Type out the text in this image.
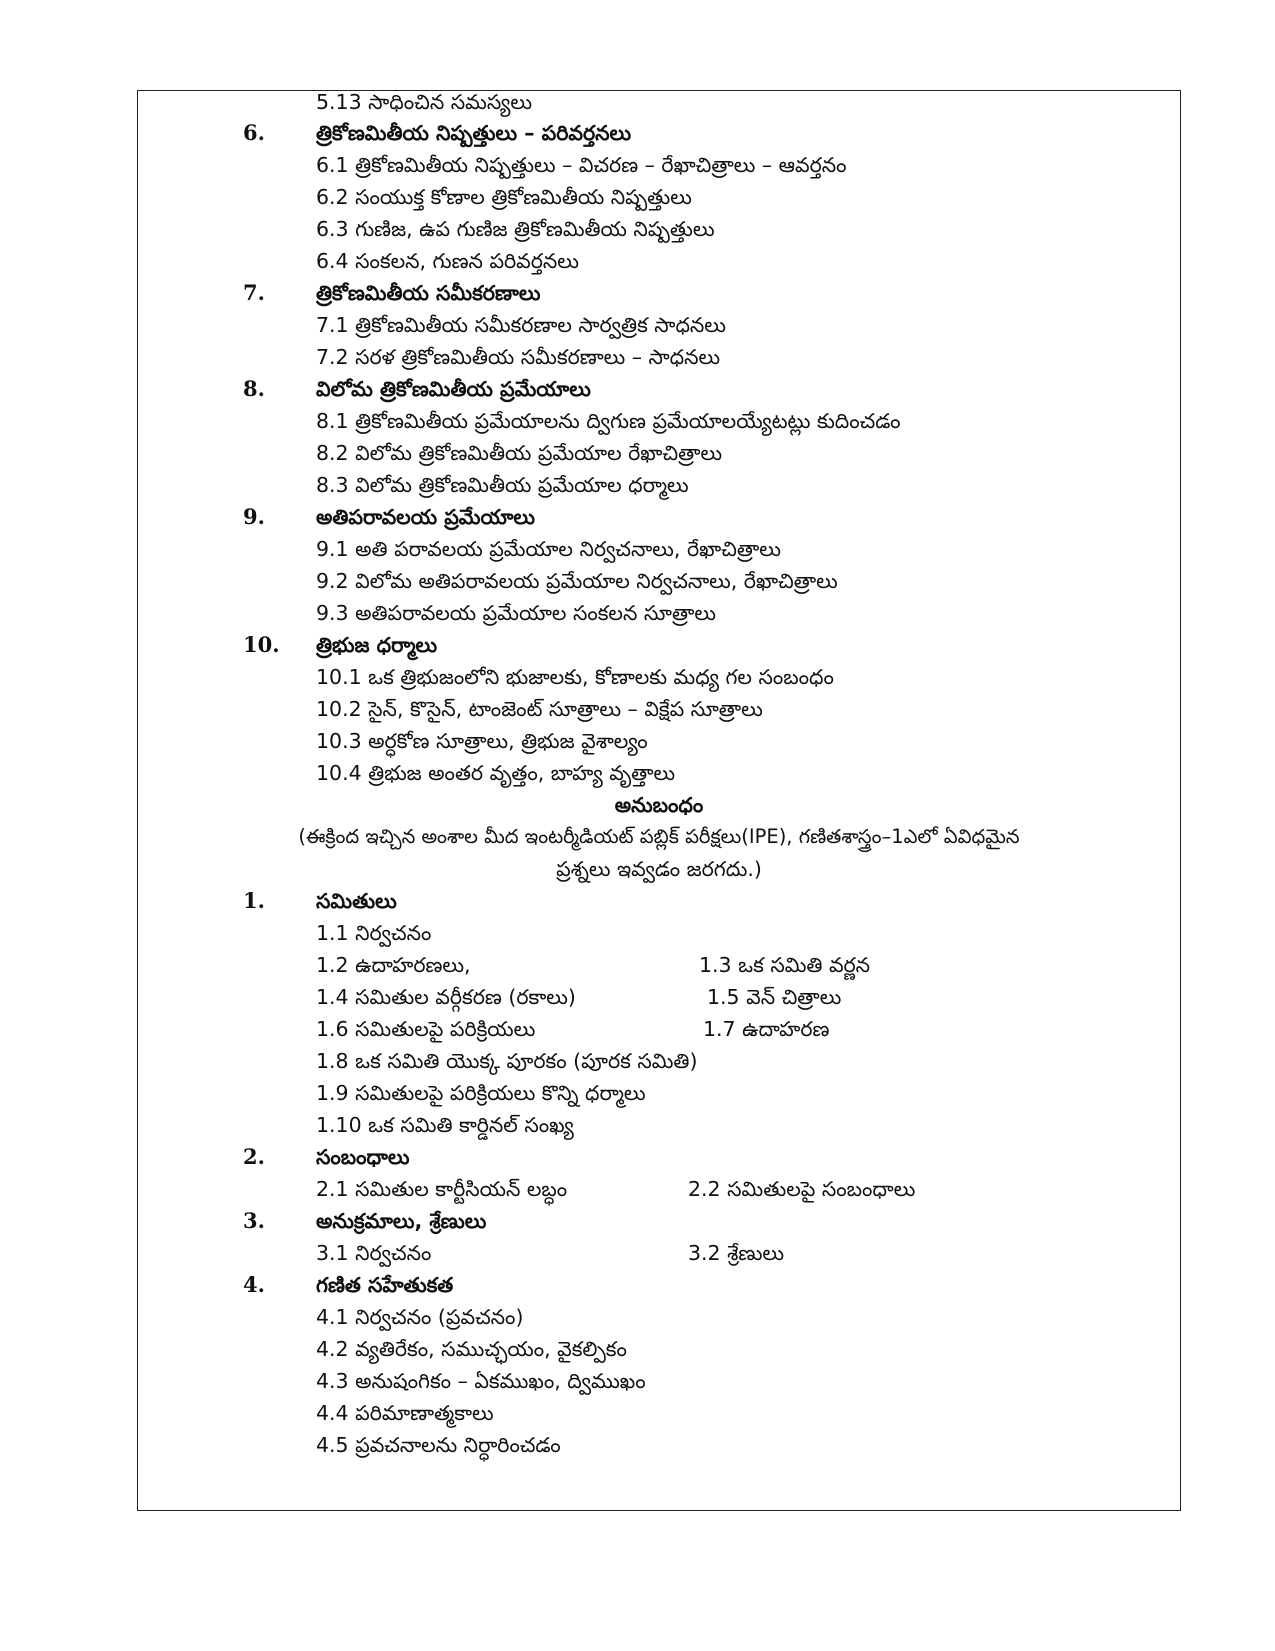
5.13 సాధించిన సమస్యలు
6. త్రికోణమితీయ నిష్పత్తులు – పరివర్తనలు
6.1 త్రికోణమితీయ నిష్పత్తులు – విచరణ – రేఖాచిత్రాలు – ఆవర్తనం
6.2 సంయుక్త కోణాల త్రికోణమితీయ నిష్పత్తులు
6.3 గుణిజ, ఉప గుణిజ త్రికోణమితీయ నిష్పత్తులు
6.4 సంకలన, గుణన పరివర్తనలు
7. త్రికోణమితీయ సమీకరణాలు
7.1 త్రికోణమితీయ సమీకరణాల సార్వత్రిక సాధనలు
7.2 సరళ త్రికోణమితీయ సమీకరణాలు – సాధనలు
8. విలోమ త్రికోణమితీయ ప్రమేయాలు
8.1 త్రికోణమితీయ ప్రమేయాలను ద్విగుణ ప్రమేయాలయ్యేటట్లు కుదించడం
8.2 విలోమ త్రికోణమితీయ ప్రమేయాల రేఖాచిత్రాలు
8.3 విలోమ త్రికోణమితీయ ప్రమేయాల ధర్మాలు
9. అతిపరావలయ ప్రమేయాలు
9.1 అతి పరావలయ ప్రమేయాల నిర్వచనాలు, రేఖాచిత్రాలు
9.2 విలోమ అతిపరావలయ ప్రమేయాల నిర్వచనాలు, రేఖాచిత్రాలు
9.3 అతిపరావలయ ప్రమేయాల సంకలన సూత్రాలు
10. త్రిభుజ ధర్మాలు
10.1 ఒక త్రిభుజంలోని భుజాలకు, కోణాలకు మధ్య గల సంబంధం
10.2 సైన్, కొసైన్, టాంజెంట్ సూత్రాలు – విక్షేప సూత్రాలు
10.3 అర్ధకోణ సూత్రాలు, త్రిభుజ వైశాల్యం
10.4 త్రిభుజ అంతర వృత్తం, బాహ్య వృత్తాలు
అనుబంధం
(ఈక్రింద ఇచ్చిన అంశాల మీద ఇంటర్మీడియట్ పబ్లిక్ పరీక్షలు(IPE), గణితశాస్త్రం–1ఎలో ఏవిధమైన
ప్రశ్నలు ఇవ్వడం జరగదు.)
1. సమితులు
1.1 నిర్వచనం
1.2 ఉదాహరణలు,	1.3 ఒక సమితి వర్ణన
1.4 సమితుల వర్గీకరణ (రకాలు)	1.5 వెన్ చిత్రాలు
1.6 సమితులపై పరిక్రియలు	1.7 ఉదాహరణ
1.8 ఒక సమితి యొక్క పూరకం (పూరక సమితి)
1.9 సమితులపై పరిక్రియలు కొన్ని ధర్మాలు
1.10 ఒక సమితి కార్డినల్ సంఖ్య
2. సంబంధాలు
2.1 సమితుల కార్టీసియన్ లబ్ధం	2.2 సమితులపై సంబంధాలు
3. అనుక్రమాలు, శ్రేణులు
3.1 నిర్వచనం	3.2 శ్రేణులు
4. గణిత సహేతుకత
4.1 నిర్వచనం (ప్రవచనం)
4.2 వ్యతిరేకం, సముచ్ఛయం, వైకల్పికం
4.3 అనుషంగికం – ఏకముఖం, ద్విముఖం
4.4 పరిమాణాత్మకాలు
4.5 ప్రవచనాలను నిర్ధారించడం
